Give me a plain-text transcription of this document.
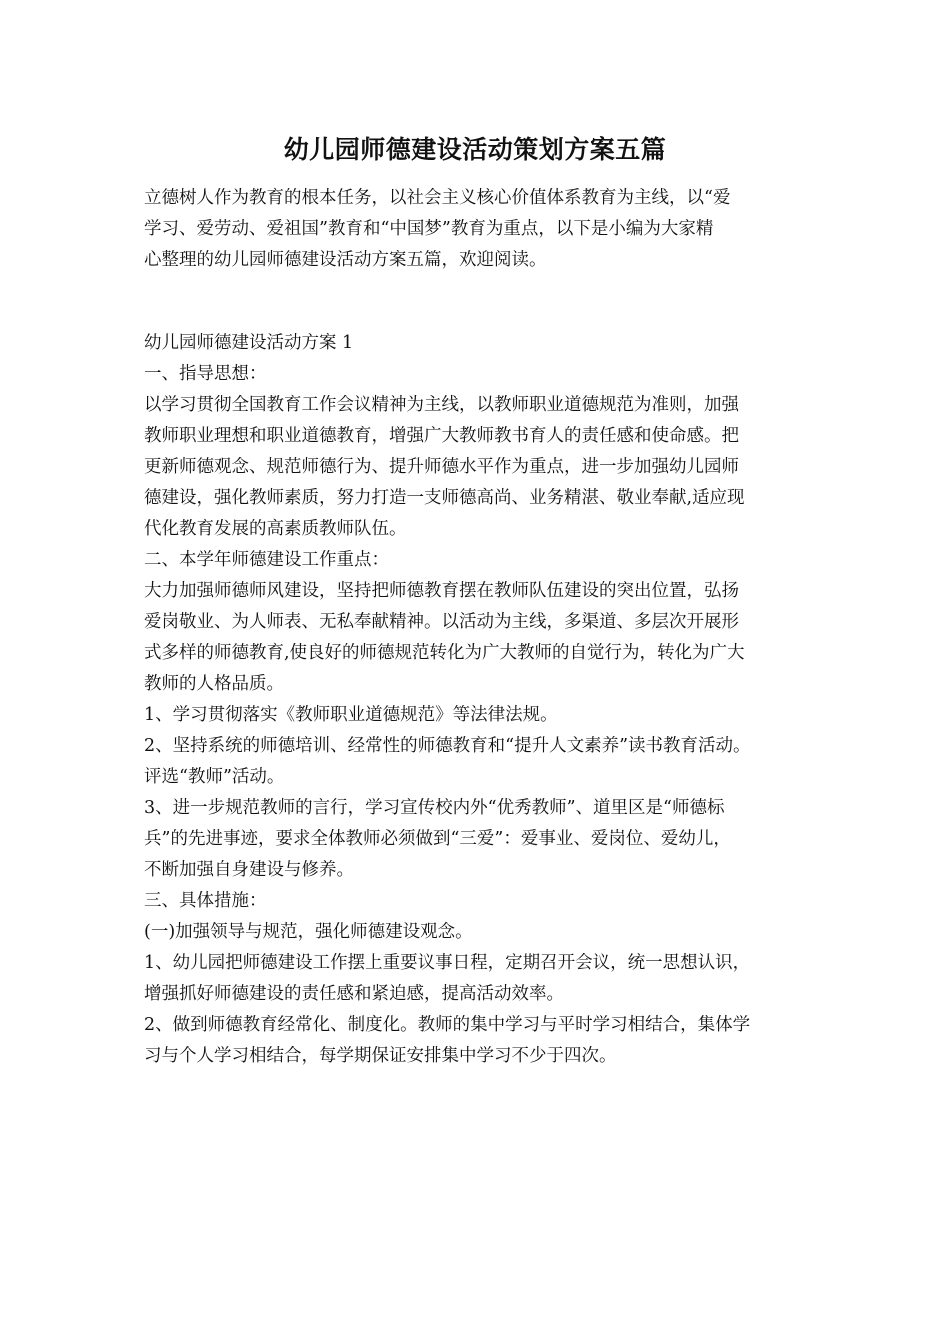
幼儿园师德建设活动策划方案五篇
立德树人作为教育的根本任务，以社会主义核心价值体系教育为主线，以“爱
学习、爱劳动、爱祖国”教育和“中国梦”教育为重点，以下是小编为大家精
心整理的幼儿园师德建设活动方案五篇，欢迎阅读。
幼儿园师德建设活动方案 1
一、指导思想：
以学习贯彻全国教育工作会议精神为主线，以教师职业道德规范为准则，加强
教师职业理想和职业道德教育，增强广大教师教书育人的责任感和使命感。把
更新师德观念、规范师德行为、提升师德水平作为重点，进一步加强幼儿园师
德建设，强化教师素质，努力打造一支师德高尚、业务精湛、敬业奉献,适应现
代化教育发展的高素质教师队伍。
二、本学年师德建设工作重点：
大力加强师德师风建设，坚持把师德教育摆在教师队伍建设的突出位置，弘扬
爱岗敬业、为人师表、无私奉献精神。以活动为主线，多渠道、多层次开展形
式多样的师德教育,使良好的师德规范转化为广大教师的自觉行为，转化为广大
教师的人格品质。
1、学习贯彻落实《教师职业道德规范》等法律法规。
2、坚持系统的师德培训、经常性的师德教育和“提升人文素养”读书教育活动。
评选“教师”活动。
3、进一步规范教师的言行，学习宣传校内外“优秀教师”、道里区是“师德标
兵”的先进事迹，要求全体教师必须做到“三爱”：爱事业、爱岗位、爱幼儿，
不断加强自身建设与修养。
三、具体措施：
(一)加强领导与规范，强化师德建设观念。
1、幼儿园把师德建设工作摆上重要议事日程，定期召开会议，统一思想认识，
增强抓好师德建设的责任感和紧迫感，提高活动效率。
2、做到师德教育经常化、制度化。教师的集中学习与平时学习相结合，集体学
习与个人学习相结合，每学期保证安排集中学习不少于四次。
